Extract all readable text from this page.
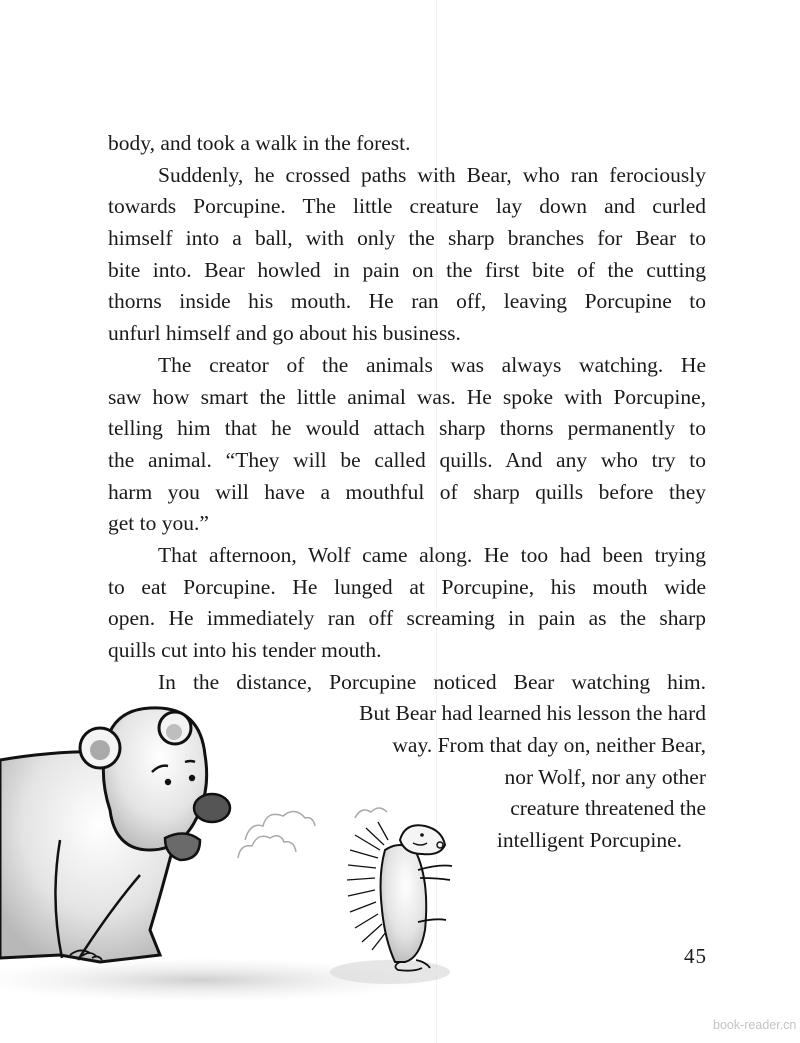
body, and took a walk in the forest.
Suddenly, he crossed paths with Bear, who ran ferociously
towards Porcupine. The little creature lay down and curled
himself into a ball, with only the sharp branches for Bear to
bite into. Bear howled in pain on the first bite of the cutting
thorns inside his mouth. He ran off, leaving Porcupine to
unfurl himself and go about his business.
The creator of the animals was always watching. He
saw how smart the little animal was. He spoke with Porcupine,
telling him that he would attach sharp thorns permanently to
the animal. “They will be called quills. And any who try to
harm you will have a mouthful of sharp quills before they
get to you.”
That afternoon, Wolf came along. He too had been trying
to eat Porcupine. He lunged at Porcupine, his mouth wide
open. He immediately ran off screaming in pain as the sharp
quills cut into his tender mouth.
In the distance, Porcupine noticed Bear watching him.
But Bear had learned his lesson the hard
way. From that day on, neither Bear,
nor Wolf, nor any other
creature threatened the
intelligent Porcupine.
45
book-reader.cn
